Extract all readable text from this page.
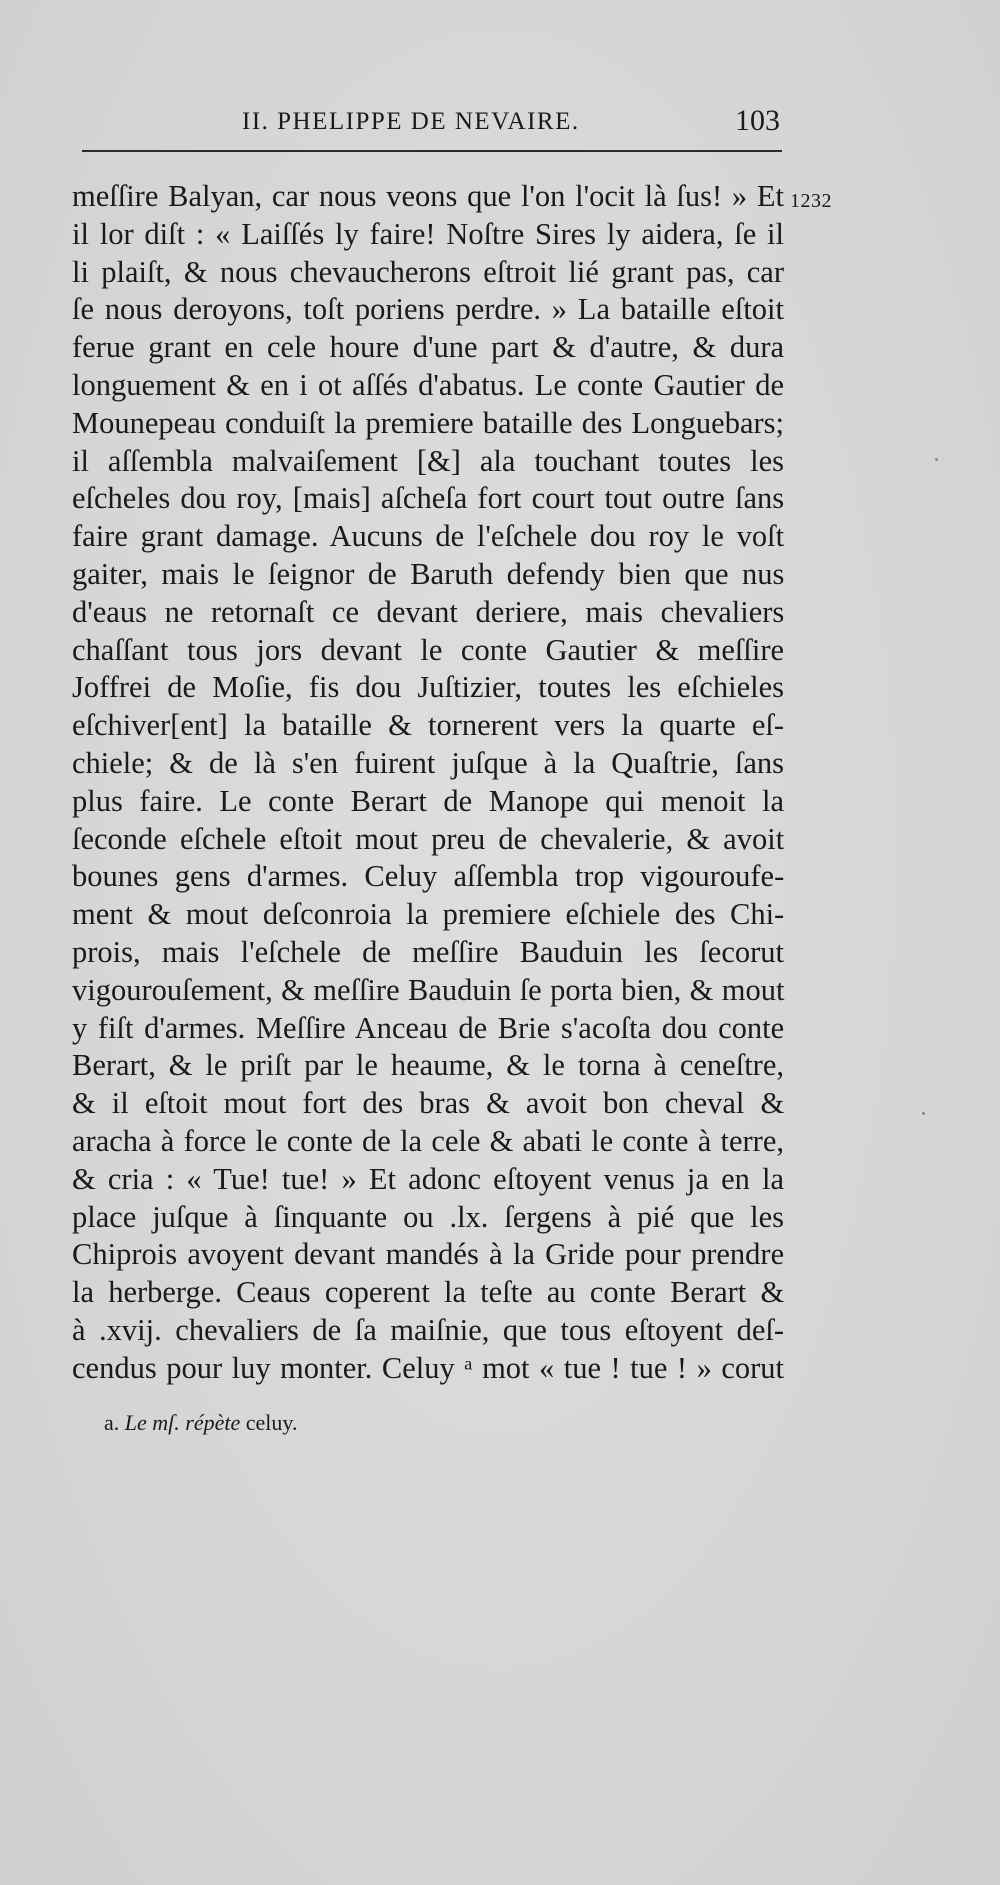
II. PHELIPPE DE NEVAIRE.	103
1232
meſſire Balyan, car nous veons que l'on l'ocit là ſus! » Et
il lor diſt : « Laiſſés ly faire! Noſtre Sires ly aidera, ſe il
li plaiſt, & nous chevaucherons eſtroit lié grant pas, car
ſe nous deroyons, toſt poriens perdre. » La bataille eſtoit
ferue grant en cele houre d'une part & d'autre, & dura
longuement & en i ot aſſés d'abatus. Le conte Gautier de
Mounepeau conduiſt la premiere bataille des Longuebars;
il aſſembla malvaiſement [&] ala touchant toutes les
eſcheles dou roy, [mais] aſcheſa fort court tout outre ſans
faire grant damage. Aucuns de l'eſchele dou roy le voſt
gaiter, mais le ſeignor de Baruth defendy bien que nus
d'eaus ne retornaſt ce devant deriere, mais chevaliers
chaſſant tous jors devant le conte Gautier & meſſire
Joffrei de Moſie, fis dou Juſtizier, toutes les eſchieles
eſchiver[ent] la bataille & tornerent vers la quarte eſ-
chiele; & de là s'en fuirent juſque à la Quaſtrie, ſans
plus faire. Le conte Berart de Manope qui menoit la
ſeconde eſchele eſtoit mout preu de chevalerie, & avoit
bounes gens d'armes. Celuy aſſembla trop vigouroufe-
ment & mout deſconroia la premiere eſchiele des Chi-
prois, mais l'eſchele de meſſire Bauduin les ſecorut
vigourouſement, & meſſire Bauduin ſe porta bien, & mout
y fiſt d'armes. Meſſire Anceau de Brie s'acoſta dou conte
Berart, & le priſt par le heaume, & le torna à ceneſtre,
& il eſtoit mout fort des bras & avoit bon cheval &
aracha à force le conte de la cele & abati le conte à terre,
& cria : « Tue! tue! » Et adonc eſtoyent venus ja en la
place juſque à ſinquante ou .lx. ſergens à pié que les
Chiprois avoyent devant mandés à la Gride pour prendre
la herberge. Ceaus coperent la teſte au conte Berart &
à .xvij. chevaliers de ſa maiſnie, que tous eſtoyent deſ-
cendus pour luy monter. Celuy ᵃ mot « tue ! tue ! » corut
a. Le mſ. répète celuy.
